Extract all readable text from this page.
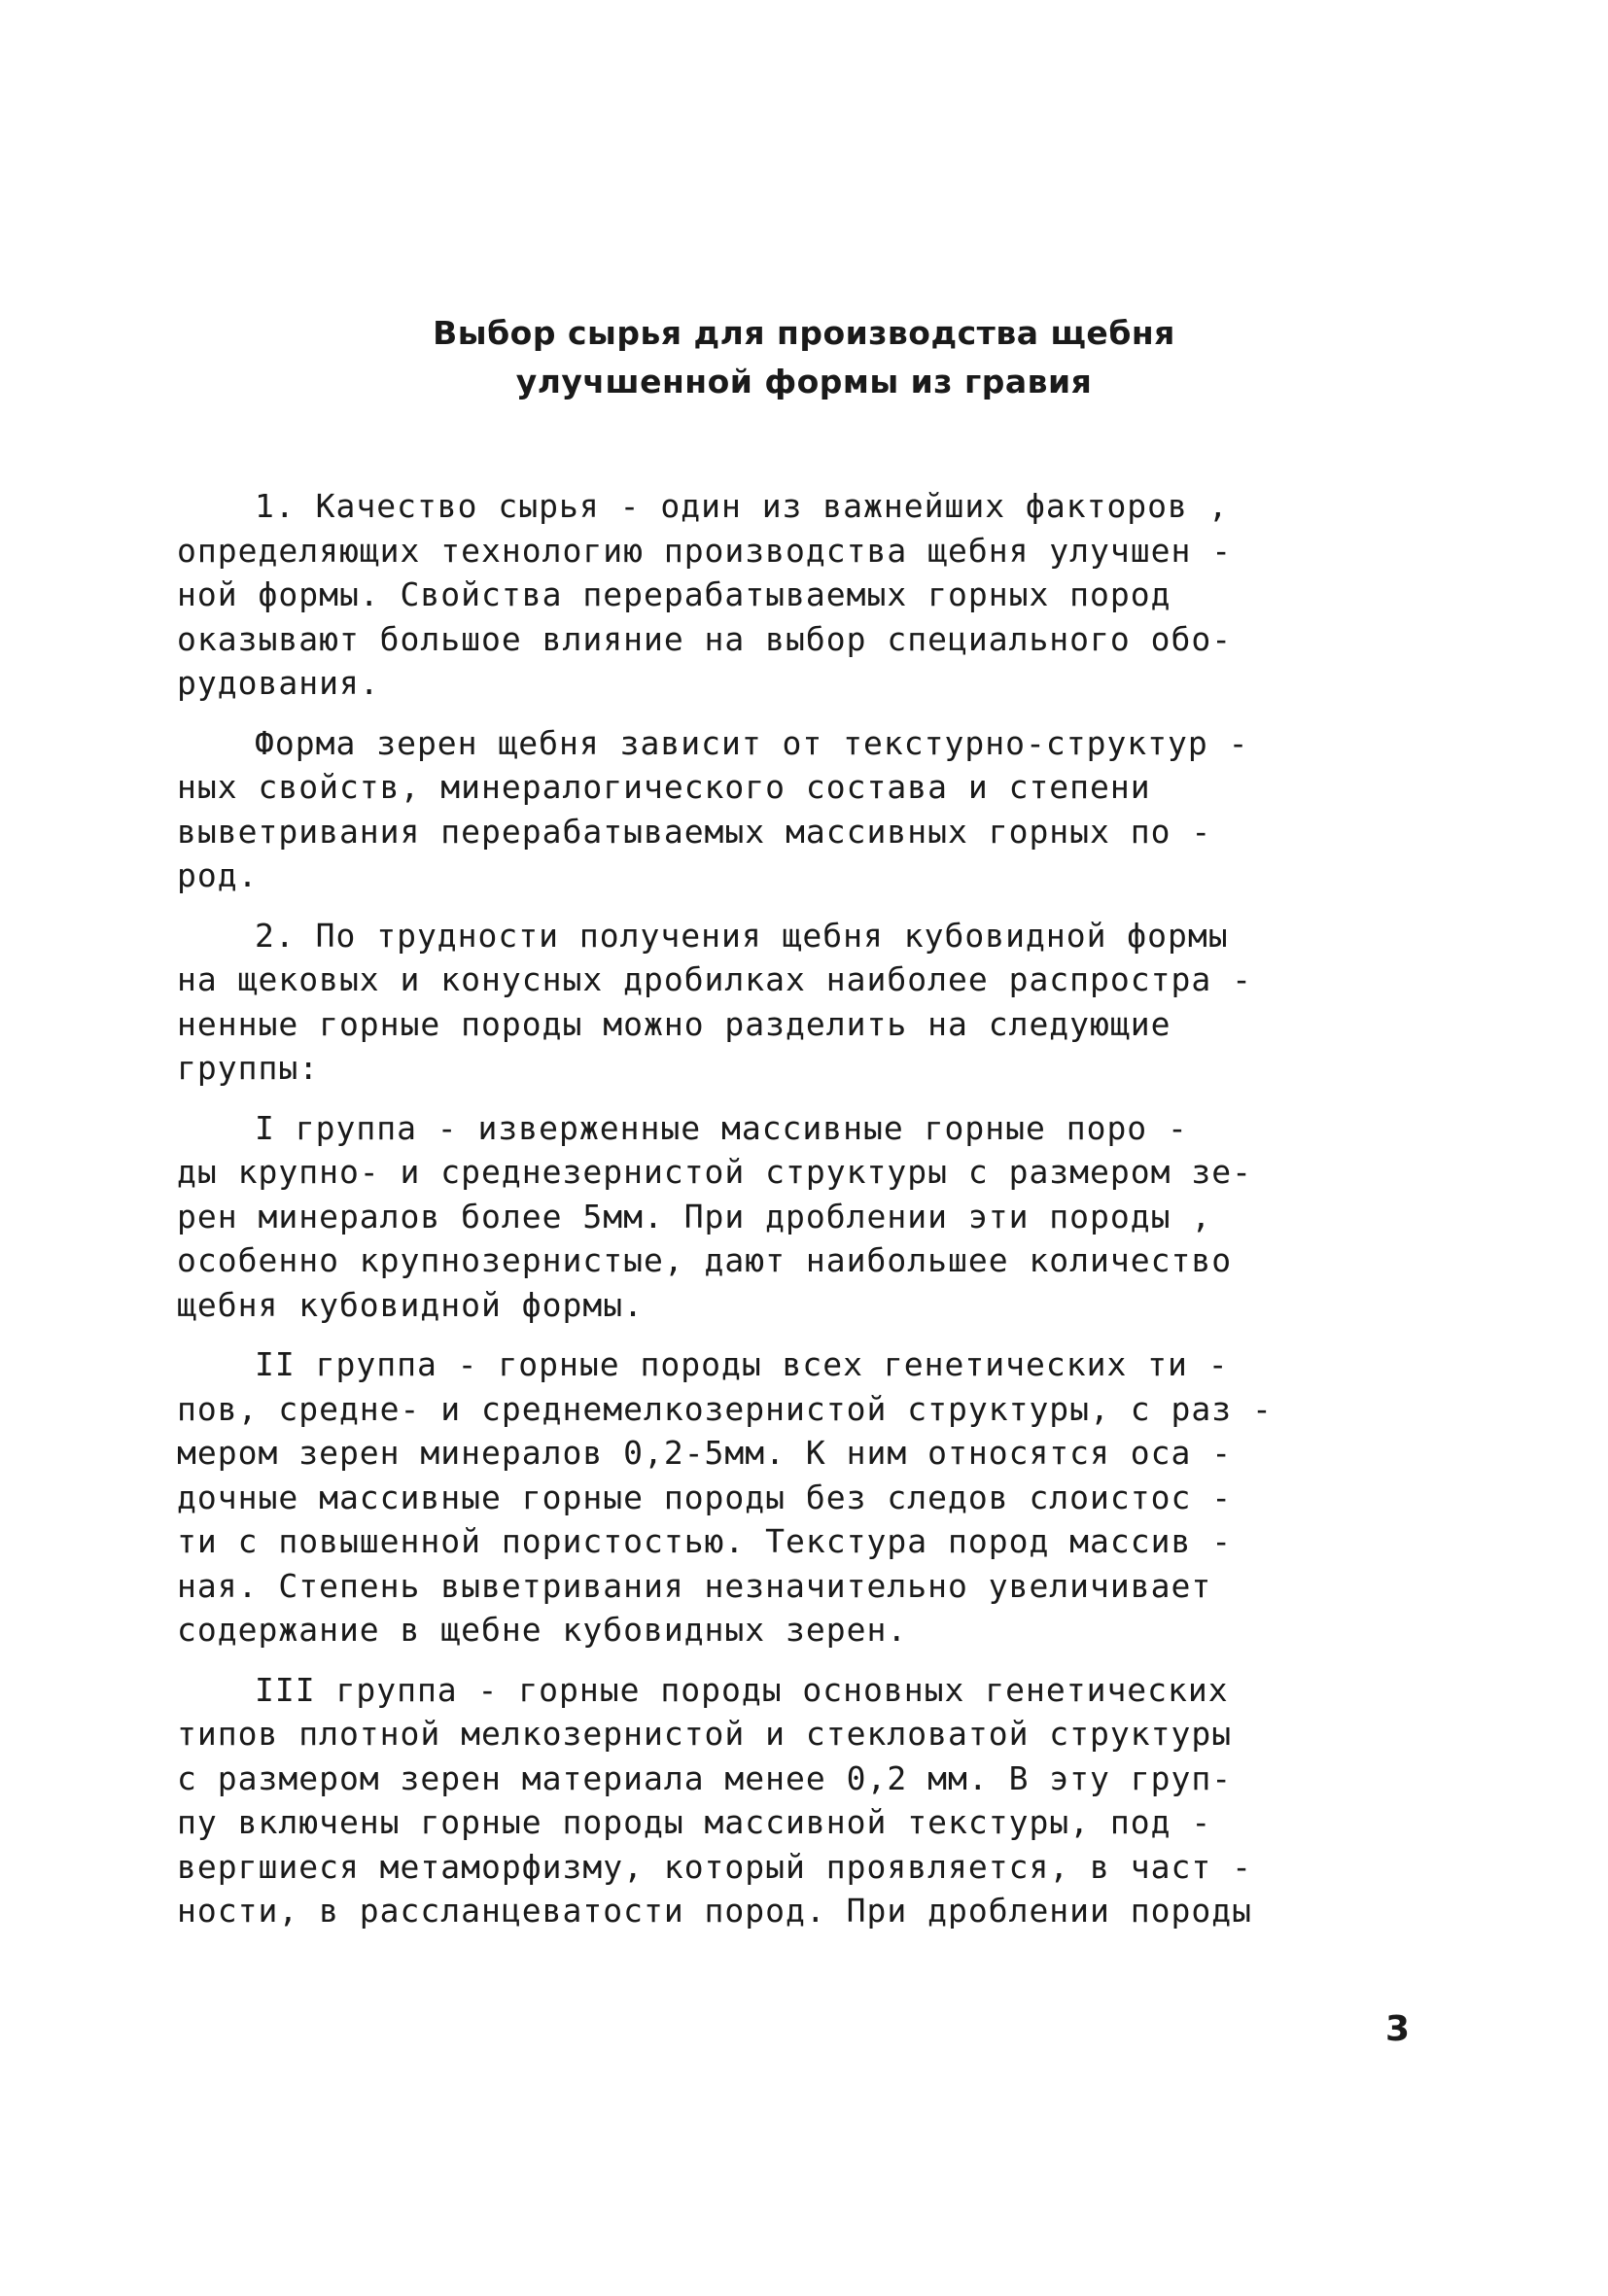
Выбор сырья для производства щебня
улучшенной формы из гравия
1. Качество сырья - один из важнейших факторов ,
определяющих технологию производства щебня улучшен -
ной формы. Свойства перерабатываемых горных пород
оказывают большое влияние на выбор специального обо-
рудования.
Форма зерен щебня зависит от текстурно-структур -
ных свойств, минералогического состава и степени
выветривания перерабатываемых массивных горных по -
род.
2. По трудности получения щебня кубовидной формы
на щековых и конусных дробилках наиболее распростра -
ненные горные породы можно разделить на следующие
группы:
I группа - изверженные массивные горные поро -
ды крупно- и среднезернистой структуры с размером зе-
рен минералов более 5мм. При дроблении эти породы ,
особенно крупнозернистые, дают наибольшее количество
щебня кубовидной формы.
II группа - горные породы всех генетических ти -
пов, средне- и среднемелкозернистой структуры, с раз -
мером зерен минералов 0,2-5мм. К ним относятся оса -
дочные массивные горные породы без следов слоистос -
ти с повышенной пористостью. Текстура пород массив -
ная. Степень выветривания незначительно увеличивает
содержание в щебне кубовидных зерен.
III группа - горные породы основных генетических
типов плотной мелкозернистой и стекловатой структуры
с размером зерен материала менее 0,2 мм. В эту груп-
пу включены горные породы массивной текстуры, под -
вергшиеся метаморфизму, который проявляется, в част -
ности, в рассланцеватости пород. При дроблении породы
3
